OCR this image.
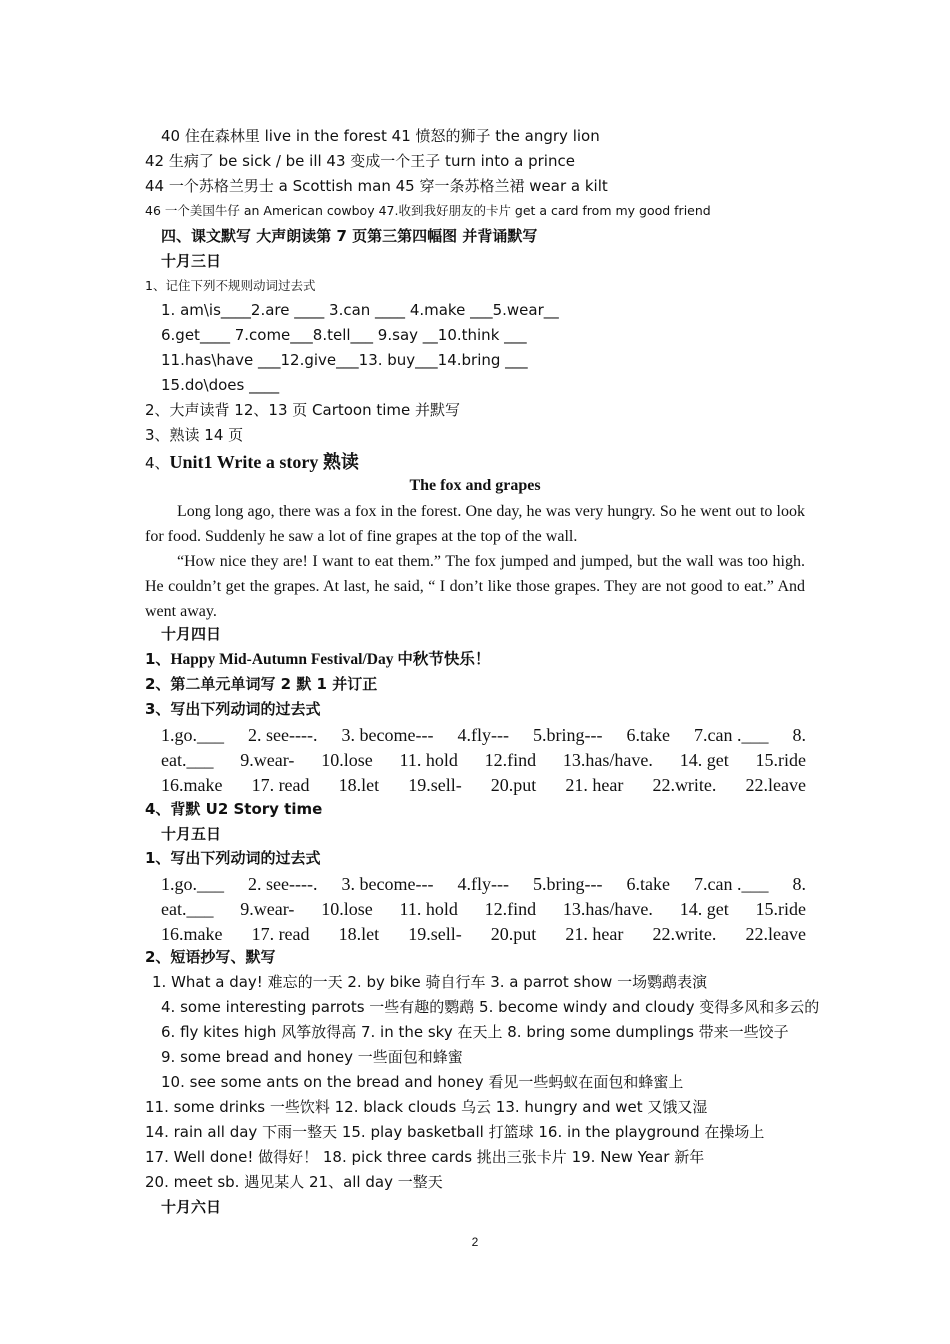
40 住在森林里 live in the forest 41 愤怒的狮子 the angry lion
42 生病了 be sick / be ill 43 变成一个王子 turn into a prince
44 一个苏格兰男士 a Scottish man 45 穿一条苏格兰裙 wear a kilt
46 一个美国牛仔 an American cowboy 47.收到我好朋友的卡片 get a card from my good friend
四、课文默写 大声朗读第 7 页第三第四幅图 并背诵默写
十月三日
1、记住下列不规则动词过去式
1. am\is____2.are ____ 3.can ____ 4.make ___5.wear__
6.get____ 7.come___8.tell___ 9.say __10.think ___
11.has\have ___12.give___13. buy___14.bring ___
15.do\does ____
2、大声读背 12、13 页 Cartoon time 并默写
3、熟读 14 页
4、Unit1 Write a story 熟读
The fox and grapes
Long long ago, there was a fox in the forest. One day, he was very hungry. So he went out to look for food. Suddenly he saw a lot of fine grapes at the top of the wall.
“How nice they are! I want to eat them.” The fox jumped and jumped, but the wall was too high. He couldn’t get the grapes. At last, he said, “ I don’t like those grapes. They are not good to eat.” And went away.
十月四日
1、Happy Mid-Autumn Festival/Day 中秋节快乐！
2、第二单元单词写 2 默 1 并订正
3、写出下列动词的过去式
1.go.___ 2. see----. 3. become--- 4.fly--- 5.bring--- 6.take 7.can .___ 8.
eat.___ 9.wear- 10.lose 11. hold 12.find 13.has/have. 14. get 15.ride
16.make 17. read 18.let 19.sell- 20.put 21. hear 22.write. 22.leave
4、背默 U2 Story time
十月五日
1、写出下列动词的过去式
1.go.___ 2. see----. 3. become--- 4.fly--- 5.bring--- 6.take 7.can .___ 8.
eat.___ 9.wear- 10.lose 11. hold 12.find 13.has/have. 14. get 15.ride
16.make 17. read 18.let 19.sell- 20.put 21. hear 22.write. 22.leave
2、短语抄写、默写
1. What a day! 难忘的一天 2. by bike 骑自行车 3. a parrot show 一场鹦鹉表演
4. some interesting parrots 一些有趣的鹦鹉 5. become windy and cloudy 变得多风和多云的
6. fly kites high 风筝放得高 7. in the sky 在天上 8. bring some dumplings 带来一些饺子
9. some bread and honey 一些面包和蜂蜜
10. see some ants on the bread and honey 看见一些蚂蚁在面包和蜂蜜上
11. some drinks 一些饮料 12. black clouds 乌云 13. hungry and wet 又饿又湿
14. rain all day 下雨一整天 15. play basketball 打篮球 16. in the playground 在操场上
17. Well done! 做得好！ 18. pick three cards 挑出三张卡片 19. New Year 新年
20. meet sb. 遇见某人 21、all day 一整天
十月六日
2
